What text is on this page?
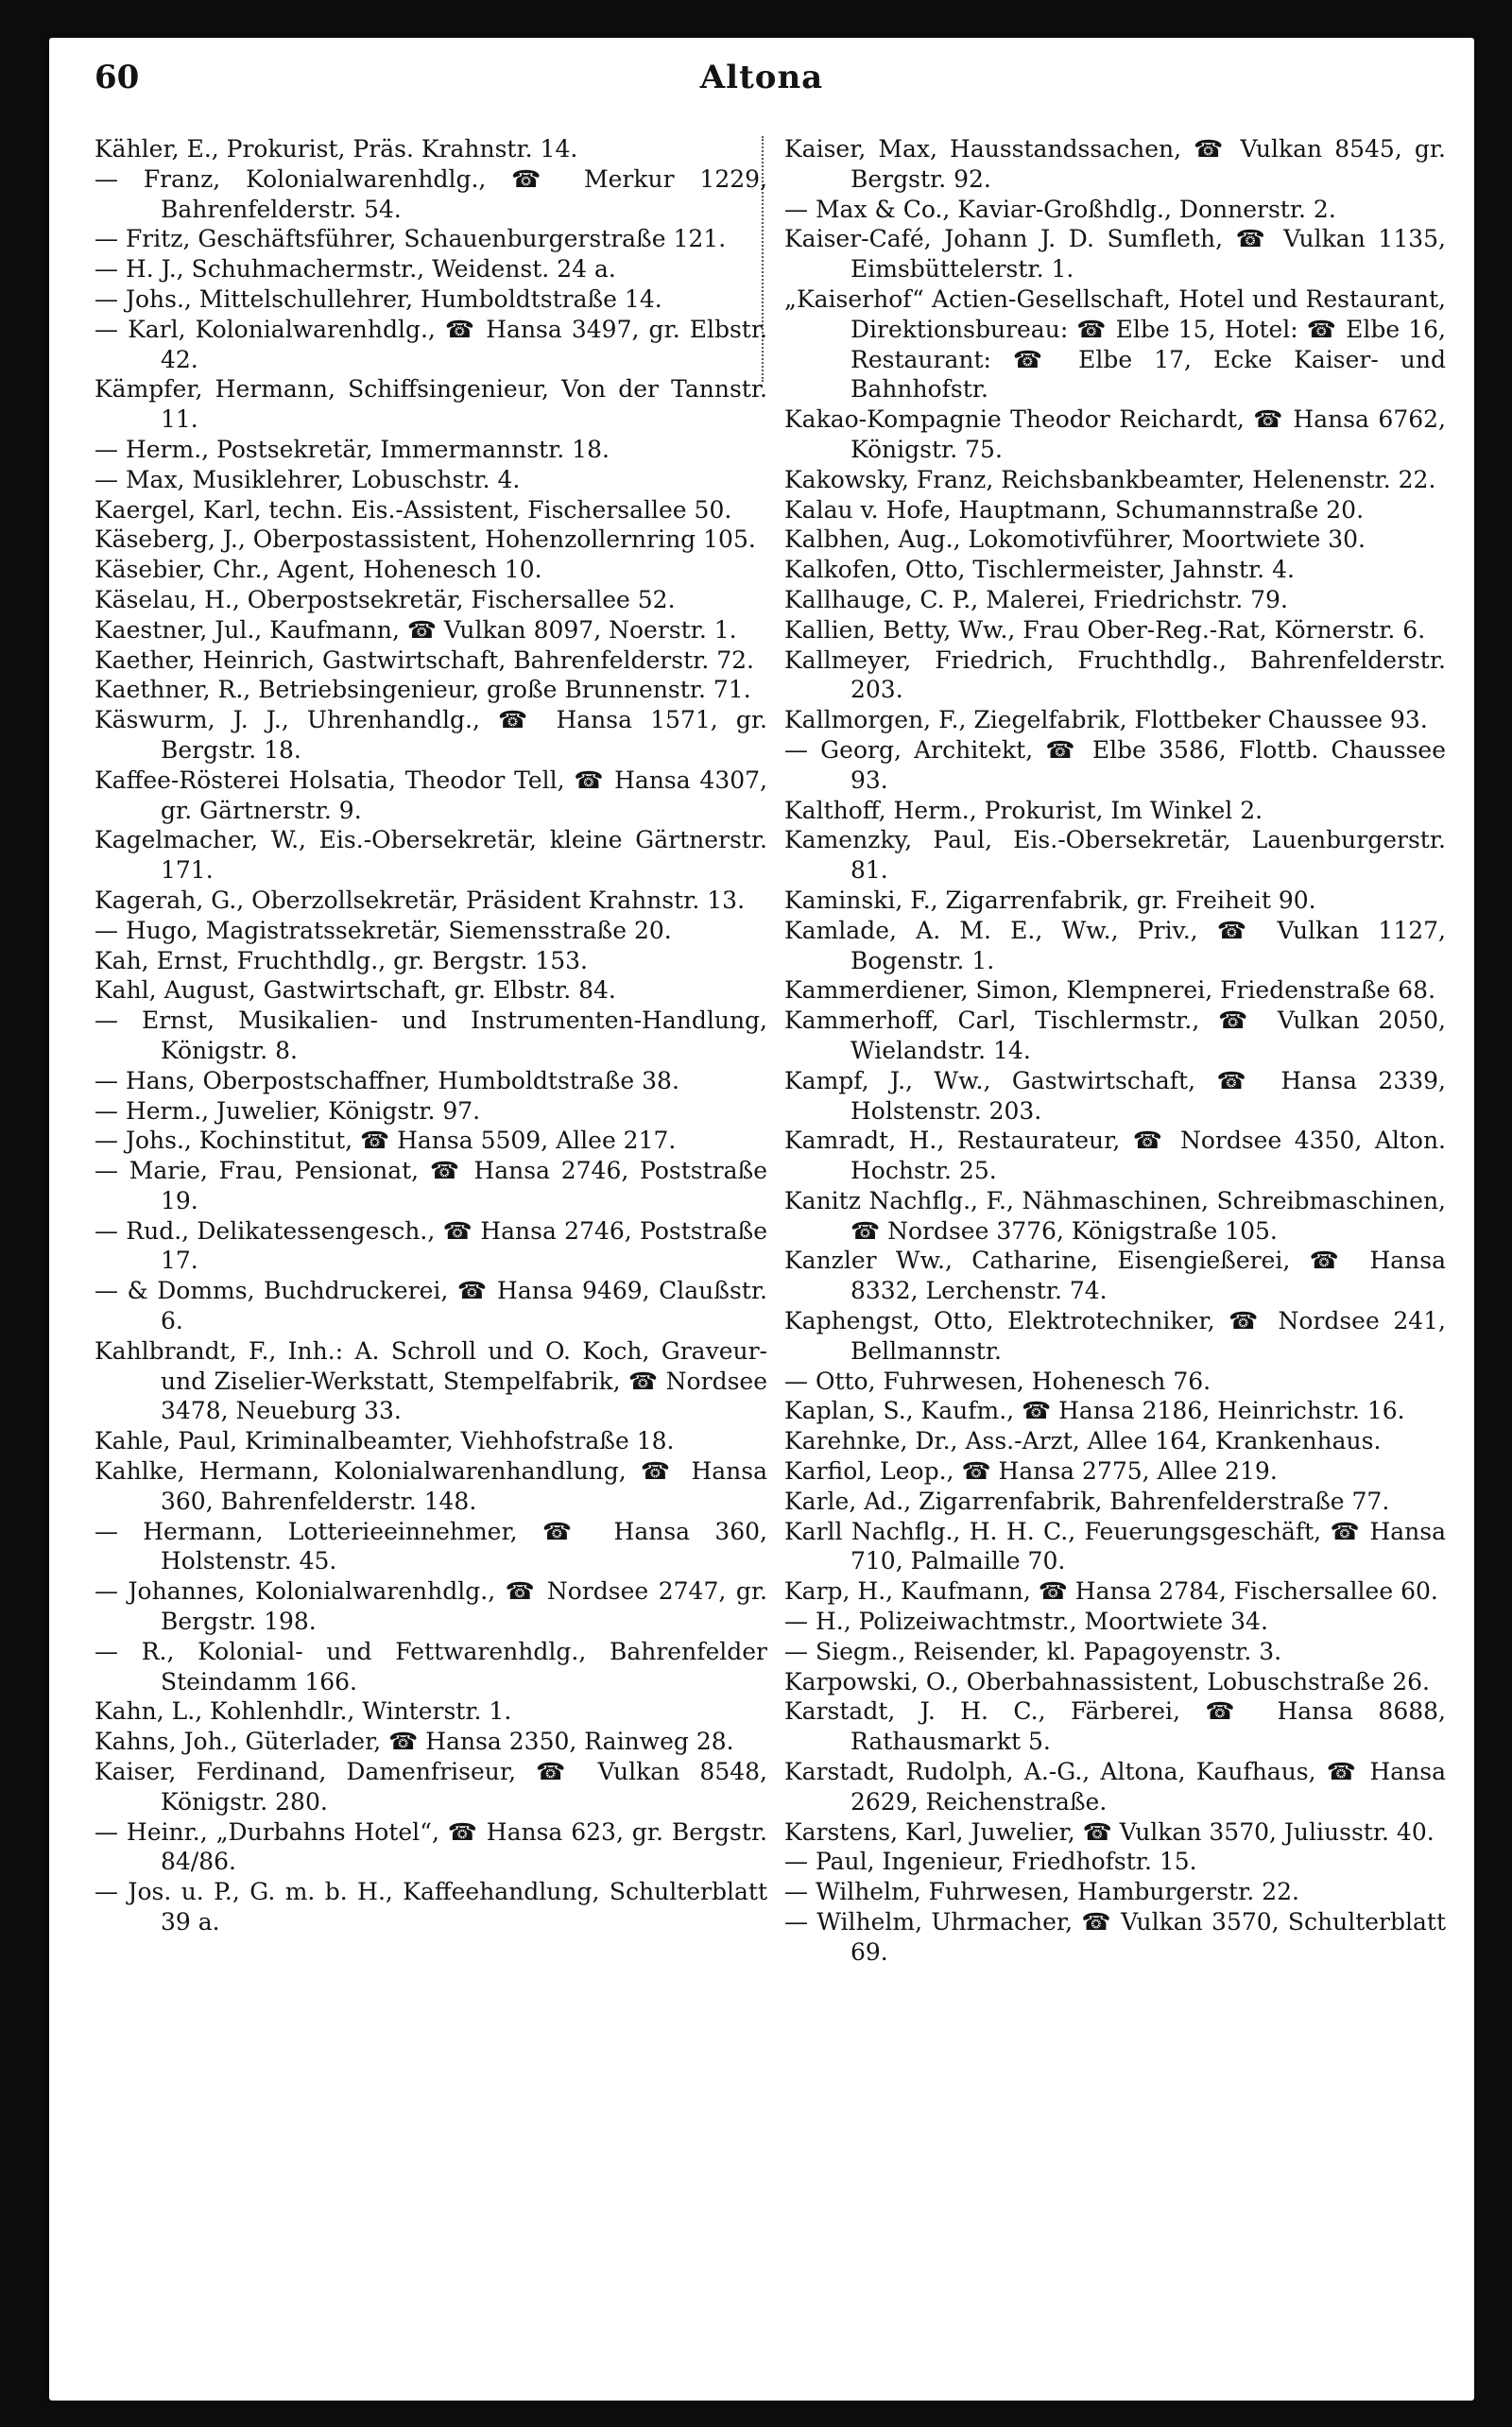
60	Altona

Kähler, E., Prokurist, Präs. Krahnstr. 14.

— Franz, Kolonialwarenhdlg., ☎ Merkur 1229, Bahrenfelderstr. 54.

— Fritz, Geschäftsführer, Schauenburgerstraße 121.

— H. J., Schuhmachermstr., Weidenst. 24 a.

— Johs., Mittelschullehrer, Humboldtstraße 14.

— Karl, Kolonialwarenhdlg., ☎ Hansa 3497, gr. Elbstr. 42.

Kämpfer, Hermann, Schiffsingenieur, Von der Tannstr. 11.

— Herm., Postsekretär, Immermannstr. 18.

— Max, Musiklehrer, Lobuschstr. 4.

Kaergel, Karl, techn. Eis.-Assistent, Fischersallee 50.

Käseberg, J., Oberpostassistent, Hohenzollernring 105.

Käsebier, Chr., Agent, Hohenesch 10.

Käselau, H., Oberpostsekretär, Fischersallee 52.

Kaestner, Jul., Kaufmann, ☎ Vulkan 8097, Noerstr. 1.

Kaether, Heinrich, Gastwirtschaft, Bahrenfelderstr. 72.

Kaethner, R., Betriebsingenieur, große Brunnenstr. 71.

Käswurm, J. J., Uhrenhandlg., ☎ Hansa 1571, gr. Bergstr. 18.

Kaffee-Rösterei Holsatia, Theodor Tell, ☎ Hansa 4307, gr. Gärtnerstr. 9.

Kagelmacher, W., Eis.-Obersekretär, kleine Gärtnerstr. 171.

Kagerah, G., Oberzollsekretär, Präsident Krahnstr. 13.

— Hugo, Magistratssekretär, Siemensstraße 20.

Kah, Ernst, Fruchthdlg., gr. Bergstr. 153.

Kahl, August, Gastwirtschaft, gr. Elbstr. 84.

— Ernst, Musikalien- und Instrumenten-Handlung, Königstr. 8.

— Hans, Oberpostschaffner, Humboldtstraße 38.

— Herm., Juwelier, Königstr. 97.

— Johs., Kochinstitut, ☎ Hansa 5509, Allee 217.

— Marie, Frau, Pensionat, ☎ Hansa 2746, Poststraße 19.

— Rud., Delikatessengesch., ☎ Hansa 2746, Poststraße 17.

— & Domms, Buchdruckerei, ☎ Hansa 9469, Claußstr. 6.

Kahlbrandt, F., Inh.: A. Schroll und O. Koch, Graveur- und Ziselier-Werkstatt, Stempelfabrik, ☎ Nordsee 3478, Neueburg 33.

Kahle, Paul, Kriminalbeamter, Viehhofstraße 18.

Kahlke, Hermann, Kolonialwarenhandlung, ☎ Hansa 360, Bahrenfelderstr. 148.

— Hermann, Lotterieeinnehmer, ☎ Hansa 360, Holstenstr. 45.

— Johannes, Kolonialwarenhdlg., ☎ Nordsee 2747, gr. Bergstr. 198.

— R., Kolonial- und Fettwarenhdlg., Bahrenfelder Steindamm 166.

Kahn, L., Kohlenhdlr., Winterstr. 1.

Kahns, Joh., Güterlader, ☎ Hansa 2350, Rainweg 28.

Kaiser, Ferdinand, Damenfriseur, ☎ Vulkan 8548, Königstr. 280.

— Heinr., „Durbahns Hotel“, ☎ Hansa 623, gr. Bergstr. 84/86.

— Jos. u. P., G. m. b. H., Kaffeehandlung, Schulterblatt 39 a.

Kaiser, Max, Hausstandssachen, ☎ Vulkan 8545, gr. Bergstr. 92.

— Max & Co., Kaviar-Großhdlg., Donnerstr. 2.

Kaiser-Café, Johann J. D. Sumfleth, ☎ Vulkan 1135, Eimsbüttelerstr. 1.

„Kaiserhof“ Actien-Gesellschaft, Hotel und Restaurant, Direktionsbureau: ☎ Elbe 15, Hotel: ☎ Elbe 16, Restaurant: ☎ Elbe 17, Ecke Kaiser- und Bahnhofstr.

Kakao-Kompagnie Theodor Reichardt, ☎ Hansa 6762, Königstr. 75.

Kakowsky, Franz, Reichsbankbeamter, Helenenstr. 22.

Kalau v. Hofe, Hauptmann, Schumannstraße 20.

Kalbhen, Aug., Lokomotivführer, Moortwiete 30.

Kalkofen, Otto, Tischlermeister, Jahnstr. 4.

Kallhauge, C. P., Malerei, Friedrichstr. 79.

Kallien, Betty, Ww., Frau Ober-Reg.-Rat, Körnerstr. 6.

Kallmeyer, Friedrich, Fruchthdlg., Bahrenfelderstr. 203.

Kallmorgen, F., Ziegelfabrik, Flottbeker Chaussee 93.

— Georg, Architekt, ☎ Elbe 3586, Flottb. Chaussee 93.

Kalthoff, Herm., Prokurist, Im Winkel 2.

Kamenzky, Paul, Eis.-Obersekretär, Lauenburgerstr. 81.

Kaminski, F., Zigarrenfabrik, gr. Freiheit 90.

Kamlade, A. M. E., Ww., Priv., ☎ Vulkan 1127, Bogenstr. 1.

Kammerdiener, Simon, Klempnerei, Friedenstraße 68.

Kammerhoff, Carl, Tischlermstr., ☎ Vulkan 2050, Wielandstr. 14.

Kampf, J., Ww., Gastwirtschaft, ☎ Hansa 2339, Holstenstr. 203.

Kamradt, H., Restaurateur, ☎ Nordsee 4350, Alton. Hochstr. 25.

Kanitz Nachflg., F., Nähmaschinen, Schreibmaschinen, ☎ Nordsee 3776, Königstraße 105.

Kanzler Ww., Catharine, Eisengießerei, ☎ Hansa 8332, Lerchenstr. 74.

Kaphengst, Otto, Elektrotechniker, ☎ Nordsee 241, Bellmannstr.

— Otto, Fuhrwesen, Hohenesch 76.

Kaplan, S., Kaufm., ☎ Hansa 2186, Heinrichstr. 16.

Karehnke, Dr., Ass.-Arzt, Allee 164, Krankenhaus.

Karfiol, Leop., ☎ Hansa 2775, Allee 219.

Karle, Ad., Zigarrenfabrik, Bahrenfelderstraße 77.

Karll Nachflg., H. H. C., Feuerungsgeschäft, ☎ Hansa 710, Palmaille 70.

Karp, H., Kaufmann, ☎ Hansa 2784, Fischersallee 60.

— H., Polizeiwachtmstr., Moortwiete 34.

— Siegm., Reisender, kl. Papagoyenstr. 3.

Karpowski, O., Oberbahnassistent, Lobuschstraße 26.

Karstadt, J. H. C., Färberei, ☎ Hansa 8688, Rathausmarkt 5.

Karstadt, Rudolph, A.-G., Altona, Kaufhaus, ☎ Hansa 2629, Reichenstraße.

Karstens, Karl, Juwelier, ☎ Vulkan 3570, Juliusstr. 40.

— Paul, Ingenieur, Friedhofstr. 15.

— Wilhelm, Fuhrwesen, Hamburgerstr. 22.

— Wilhelm, Uhrmacher, ☎ Vulkan 3570, Schulterblatt 69.
